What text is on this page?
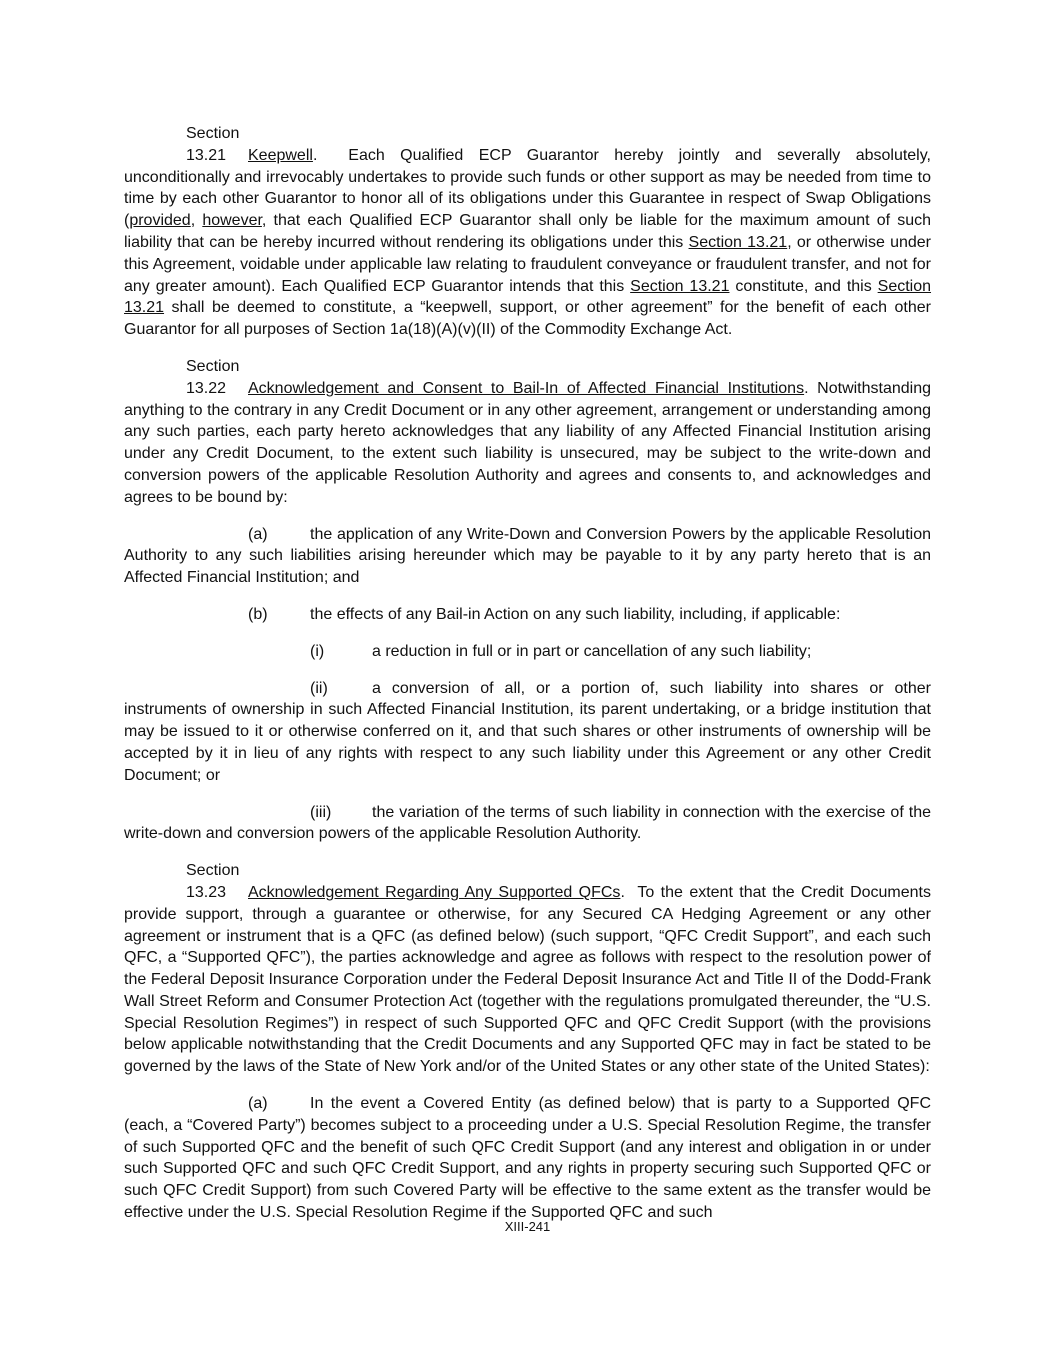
Section 13.21 Keepwell.  Each Qualified ECP Guarantor hereby jointly and severally absolutely, unconditionally and irrevocably undertakes to provide such funds or other support as may be needed from time to time by each other Guarantor to honor all of its obligations under this Guarantee in respect of Swap Obligations (provided, however, that each Qualified ECP Guarantor shall only be liable for the maximum amount of such liability that can be hereby incurred without rendering its obligations under this Section 13.21, or otherwise under this Agreement, voidable under applicable law relating to fraudulent conveyance or fraudulent transfer, and not for any greater amount). Each Qualified ECP Guarantor intends that this Section 13.21 constitute, and this Section 13.21 shall be deemed to constitute, a “keepwell, support, or other agreement” for the benefit of each other Guarantor for all purposes of Section 1a(18)(A)(v)(II) of the Commodity Exchange Act.

Section 13.22 Acknowledgement and Consent to Bail-In of Affected Financial Institutions. Notwithstanding anything to the contrary in any Credit Document or in any other agreement, arrangement or understanding among any such parties, each party hereto acknowledges that any liability of any Affected Financial Institution arising under any Credit Document, to the extent such liability is unsecured, may be subject to the write-down and conversion powers of the applicable Resolution Authority and agrees and consents to, and acknowledges and agrees to be bound by:

(a)	the application of any Write-Down and Conversion Powers by the applicable Resolution Authority to any such liabilities arising hereunder which may be payable to it by any party hereto that is an Affected Financial Institution; and

(b)	the effects of any Bail-in Action on any such liability, including, if applicable:

(i)	a reduction in full or in part or cancellation of any such liability;

(ii)	a conversion of all, or a portion of, such liability into shares or other instruments of ownership in such Affected Financial Institution, its parent undertaking, or a bridge institution that may be issued to it or otherwise conferred on it, and that such shares or other instruments of ownership will be accepted by it in lieu of any rights with respect to any such liability under this Agreement or any other Credit Document; or

(iii)	the variation of the terms of such liability in connection with the exercise of the write-down and conversion powers of the applicable Resolution Authority.

Section 13.23 Acknowledgement Regarding Any Supported QFCs.  To the extent that the Credit Documents provide support, through a guarantee or otherwise, for any Secured CA Hedging Agreement or any other agreement or instrument that is a QFC (as defined below) (such support, “QFC Credit Support”, and each such QFC, a “Supported QFC”), the parties acknowledge and agree as follows with respect to the resolution power of the Federal Deposit Insurance Corporation under the Federal Deposit Insurance Act and Title II of the Dodd-Frank Wall Street Reform and Consumer Protection Act (together with the regulations promulgated thereunder, the “U.S. Special Resolution Regimes”) in respect of such Supported QFC and QFC Credit Support (with the provisions below applicable notwithstanding that the Credit Documents and any Supported QFC may in fact be stated to be governed by the laws of the State of New York and/or of the United States or any other state of the United States):

(a)	In the event a Covered Entity (as defined below) that is party to a Supported QFC (each, a “Covered Party”) becomes subject to a proceeding under a U.S. Special Resolution Regime, the transfer of such Supported QFC and the benefit of such QFC Credit Support (and any interest and obligation in or under such Supported QFC and such QFC Credit Support, and any rights in property securing such Supported QFC or such QFC Credit Support) from such Covered Party will be effective to the same extent as the transfer would be effective under the U.S. Special Resolution Regime if the Supported QFC and such

XIII-241
